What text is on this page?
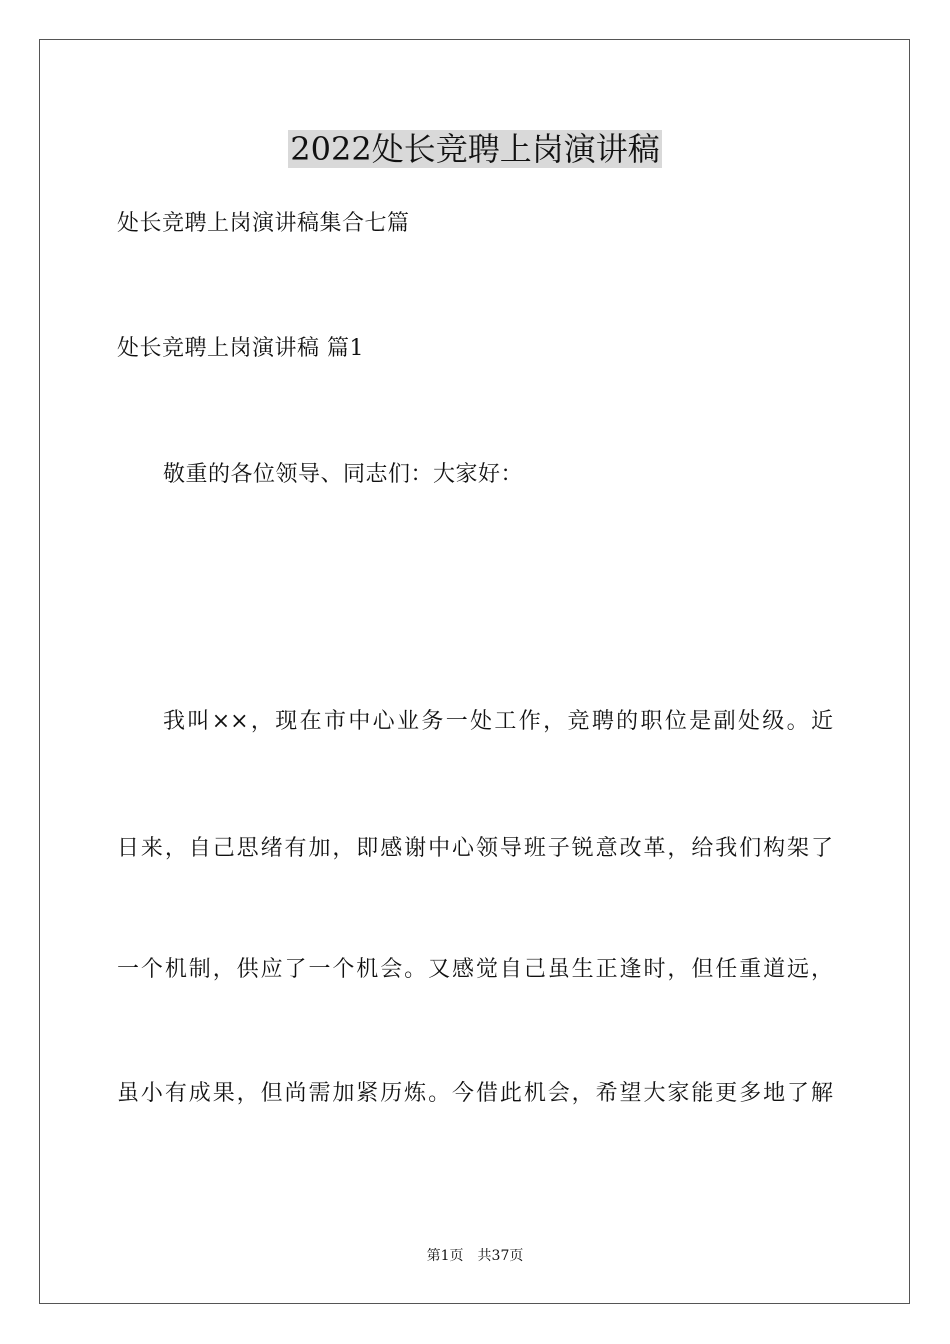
2022处长竞聘上岗演讲稿
处长竞聘上岗演讲稿集合七篇
处长竞聘上岗演讲稿 篇1
敬重的各位领导、同志们：大家好：
我叫××，现在市中心业务一处工作，竞聘的职位是副处级。近
日来，自己思绪有加，即感谢中心领导班子锐意改革，给我们构架了
一个机制，供应了一个机会。又感觉自己虽生正逢时，但任重道远，
虽小有成果，但尚需加紧历炼。今借此机会，希望大家能更多地了解
第1页　共37页
